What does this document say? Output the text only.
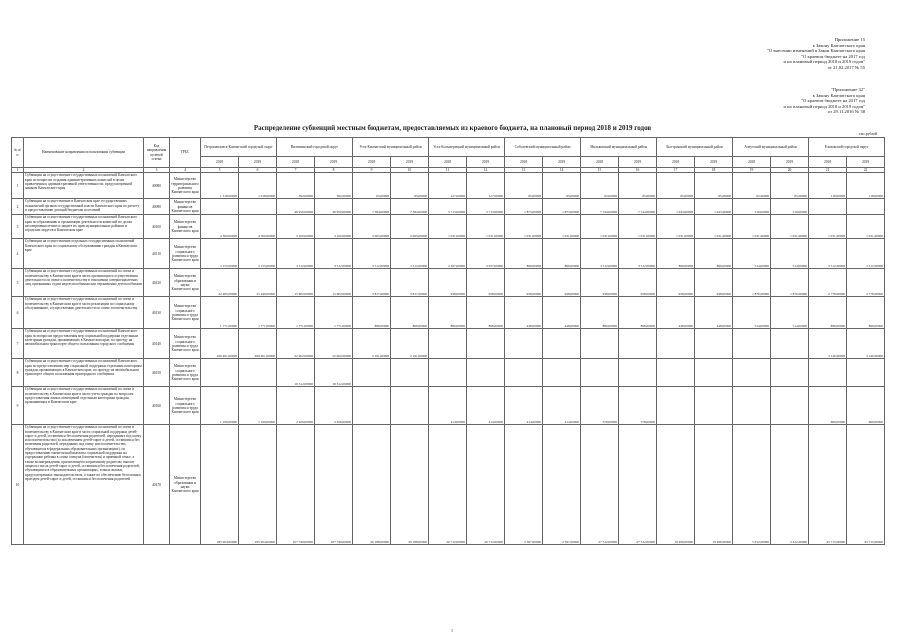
Приложение 15
к Закону Камчатского края
"О внесении изменений в Закон Камчатского края
"О краевом бюджете на 2017 год
и на плановый период 2018 и 2019 годов"
от 21.02.2017 № 55
"Приложение 32"
к Закону Камчатского края
"О краевом бюджете на 2017 год
и на плановый период 2018 и 2019 годов"
от 29.11.2016 № 38
Распределение субвенций местным бюджетам, предоставляемых из краевого бюджета, на плановый период 2018 и 2019 годов
тыс.рублей
№ п/п	Наименование направления использования субвенции	Код направления целевой статьи	ГРБС	Петропавловск-Камчатский городской округ		Вилючинский городской округ		Усть-Камчатский муниципальный район		Усть-Большерецкий муниципальный район		Соболевский муниципальный район		Мильковский муниципальный район		Быстринский муниципальный район		Алеутский муниципальный район		Елизовский городской округ	
				2018	2019	2018	2019	2018	2019	2018	2019	2018	2019	2018	2019	2018	2019	2018	2019	2018	2019
1	2	3	4	5	6	7	8	9	10	11	12	13	14	15	16	17	18	19	20	21	22
1	Субвенции на осуществление государственных полномочий Камчатского края по вопросам создания административных комиссий в целях привлечения к административной ответственности, предусмотренной законом Камчатского края	40080	Министерство территориального развития Камчатского края	1 318,00000	1 318,00000	392,00000	392,00000	65,00000	65,00000	127,00000	127,00000	65,00000	65,00000	65,00000	65,00000	65,00000	65,00000	65,00000	65,00000	118,00000	118,00000
2	Субвенции на осуществление в Камчатском крае государственных полномочий органов государственной власти Камчатского края по расчету и предоставлению дотаций бюджетам поселений	40090	Министерство финансов Камчатского края			49 950,00000	49 950,00000	7 384,00000	7 384,00000	5 713,00000	5 713,00000	1 873,00000	1 873,00000	7 744,00000	7 744,00000	1 943,00000	1 943,00000	516,00000	516,00000		
3	Субвенции на осуществление государственных полномочий Камчатского края по образованию и организации деятельности комиссий по делам несовершеннолетних и защите их прав муниципальных районов и городских округов в Камчатском крае	40100	Министерство финансов Камчатского края	4 300,00000	4 300,00000	3 100,00000	3 100,00000	2 065,00000	2 065,00000	1 031,00000	1 031,00000	1 031,00000	1 031,00000	1 031,00000	1 031,00000	1 031,00000	1 031,00000	1 031,00000	1 031,00000	1 031,00000	1 031,00000
4	Субвенции на осуществление отдельных государственных полномочий Камчатского края по социальному обслуживанию граждан в Камчатском крае	40110	Министерство социального развития и труда Камчатского края	3 155,00000	3 155,00000	3 512,00000	3 512,00000	3 512,00000	3 512,00000	2 657,00000	2 657,00000	896,00000	896,00000	3 512,00000	3 512,00000	896,00000	896,00000	514,00000	514,00000	3 512,00000	3 512,00000
5	Субвенции на осуществление государственных полномочий по опеке и попечительству в Камчатском крае в части организации и осуществления деятельности по опеке и попечительству в отношении совершеннолетних лиц, признанных судом недееспособными или ограниченно дееспособными	40120	Министерство образования и науки Камчатского края	22 485,00000	23 440,00000	13 602,00000	13 602,00000	3 817,00000	3 817,00000	938,00000	938,00000	938,00000	938,00000	938,00000	938,00000	938,00000	938,00000	1 876,00000	1 876,00000	2 778,00000	2 778,00000
6	Субвенции на осуществление государственных полномочий по опеке и попечительству в Камчатском крае в части реализации по социальному обслуживанию, осуществлению деятельности по опеке и попечительству	40130	Министерство социального развития и труда Камчатского края	1 771,00000	1 771,00000	1 771,00000	1 771,00000	896,00000	896,00000	896,00000	896,00000	448,00000	448,00000	896,00000	896,00000	448,00000	448,00000	514,00000	514,00000	896,00000	896,00000
7	Субвенции на осуществление государственных полномочий Камчатского края по вопросам предоставления мер социальной поддержки отдельным категориям граждан, проживающих в Камчатском крае, по проезду на автомобильном транспорте общего пользования городского сообщения	40140	Министерство социального развития и труда Камчатского края	269 401,00000	269 401,00000	22 902,00000	22 902,00000	2 191,00000	2 191,00000											3 140,00000	3 140,00000
8	Субвенции на осуществление государственных полномочий Камчатского края по предоставлению мер социальной поддержки отдельным категориям граждан, проживающих в Камчатском крае, по проезду на автомобильном транспорте общего пользования пригородного сообщения	40150	Министерство социального развития и труда Камчатского края			19 312,00000	19 312,00000														
9	Субвенции на осуществление государственных полномочий по опеке и попечительству в Камчатском крае в части учета граждан по вопросам предоставления жилых помещений отдельным категориям граждан, проживающих в Камчатском крае	40160	Министерство социального развития и труда Камчатского края	1 199,00000	1 199,00000	2 626,00000	2 626,00000			414,00000	414,00000	414,00000	414,00000	578,00000	578,00000					660,00000	660,00000
10	Субвенции на осуществление государственных полномочий по опеке и попечительству в Камчатском крае в части социальной поддержки детей-сирот и детей, оставшихся без попечения родителей, переданных под опеку или попечительство (за исключением детей-сирот и детей, оставшихся без попечения родителей, переданных под опеку или попечительство, обучающихся в федеральных образовательных организациях), по предоставлению ежемесячной выплаты социальной поддержки на содержание ребенка в семье опекуна (попечителя) и приемной семье, а также вознаграждения, причитающегося приемному родителю, выплат лицам из числа детей-сирот и детей, оставшихся без попечения родителей, обучающимся в образовательных организациях, и иных выплат, предусмотренных законодательством, а также по обеспечению бесплатным проездом детей-сирот и детей, оставшихся без попечения родителей	40170	Министерство образования и науки Камчатского края	185 904,00000	185 904,00000	107 749,00000	107 749,00000	26 188,00000	26 188,00000	20 712,00000	20 712,00000	2 597,00000	2 597,00000	27 512,00000	27 512,00000	19 496,00000	19 496,00000	5 612,00000	5 612,00000	45 715,00000	45 715,00000
1
